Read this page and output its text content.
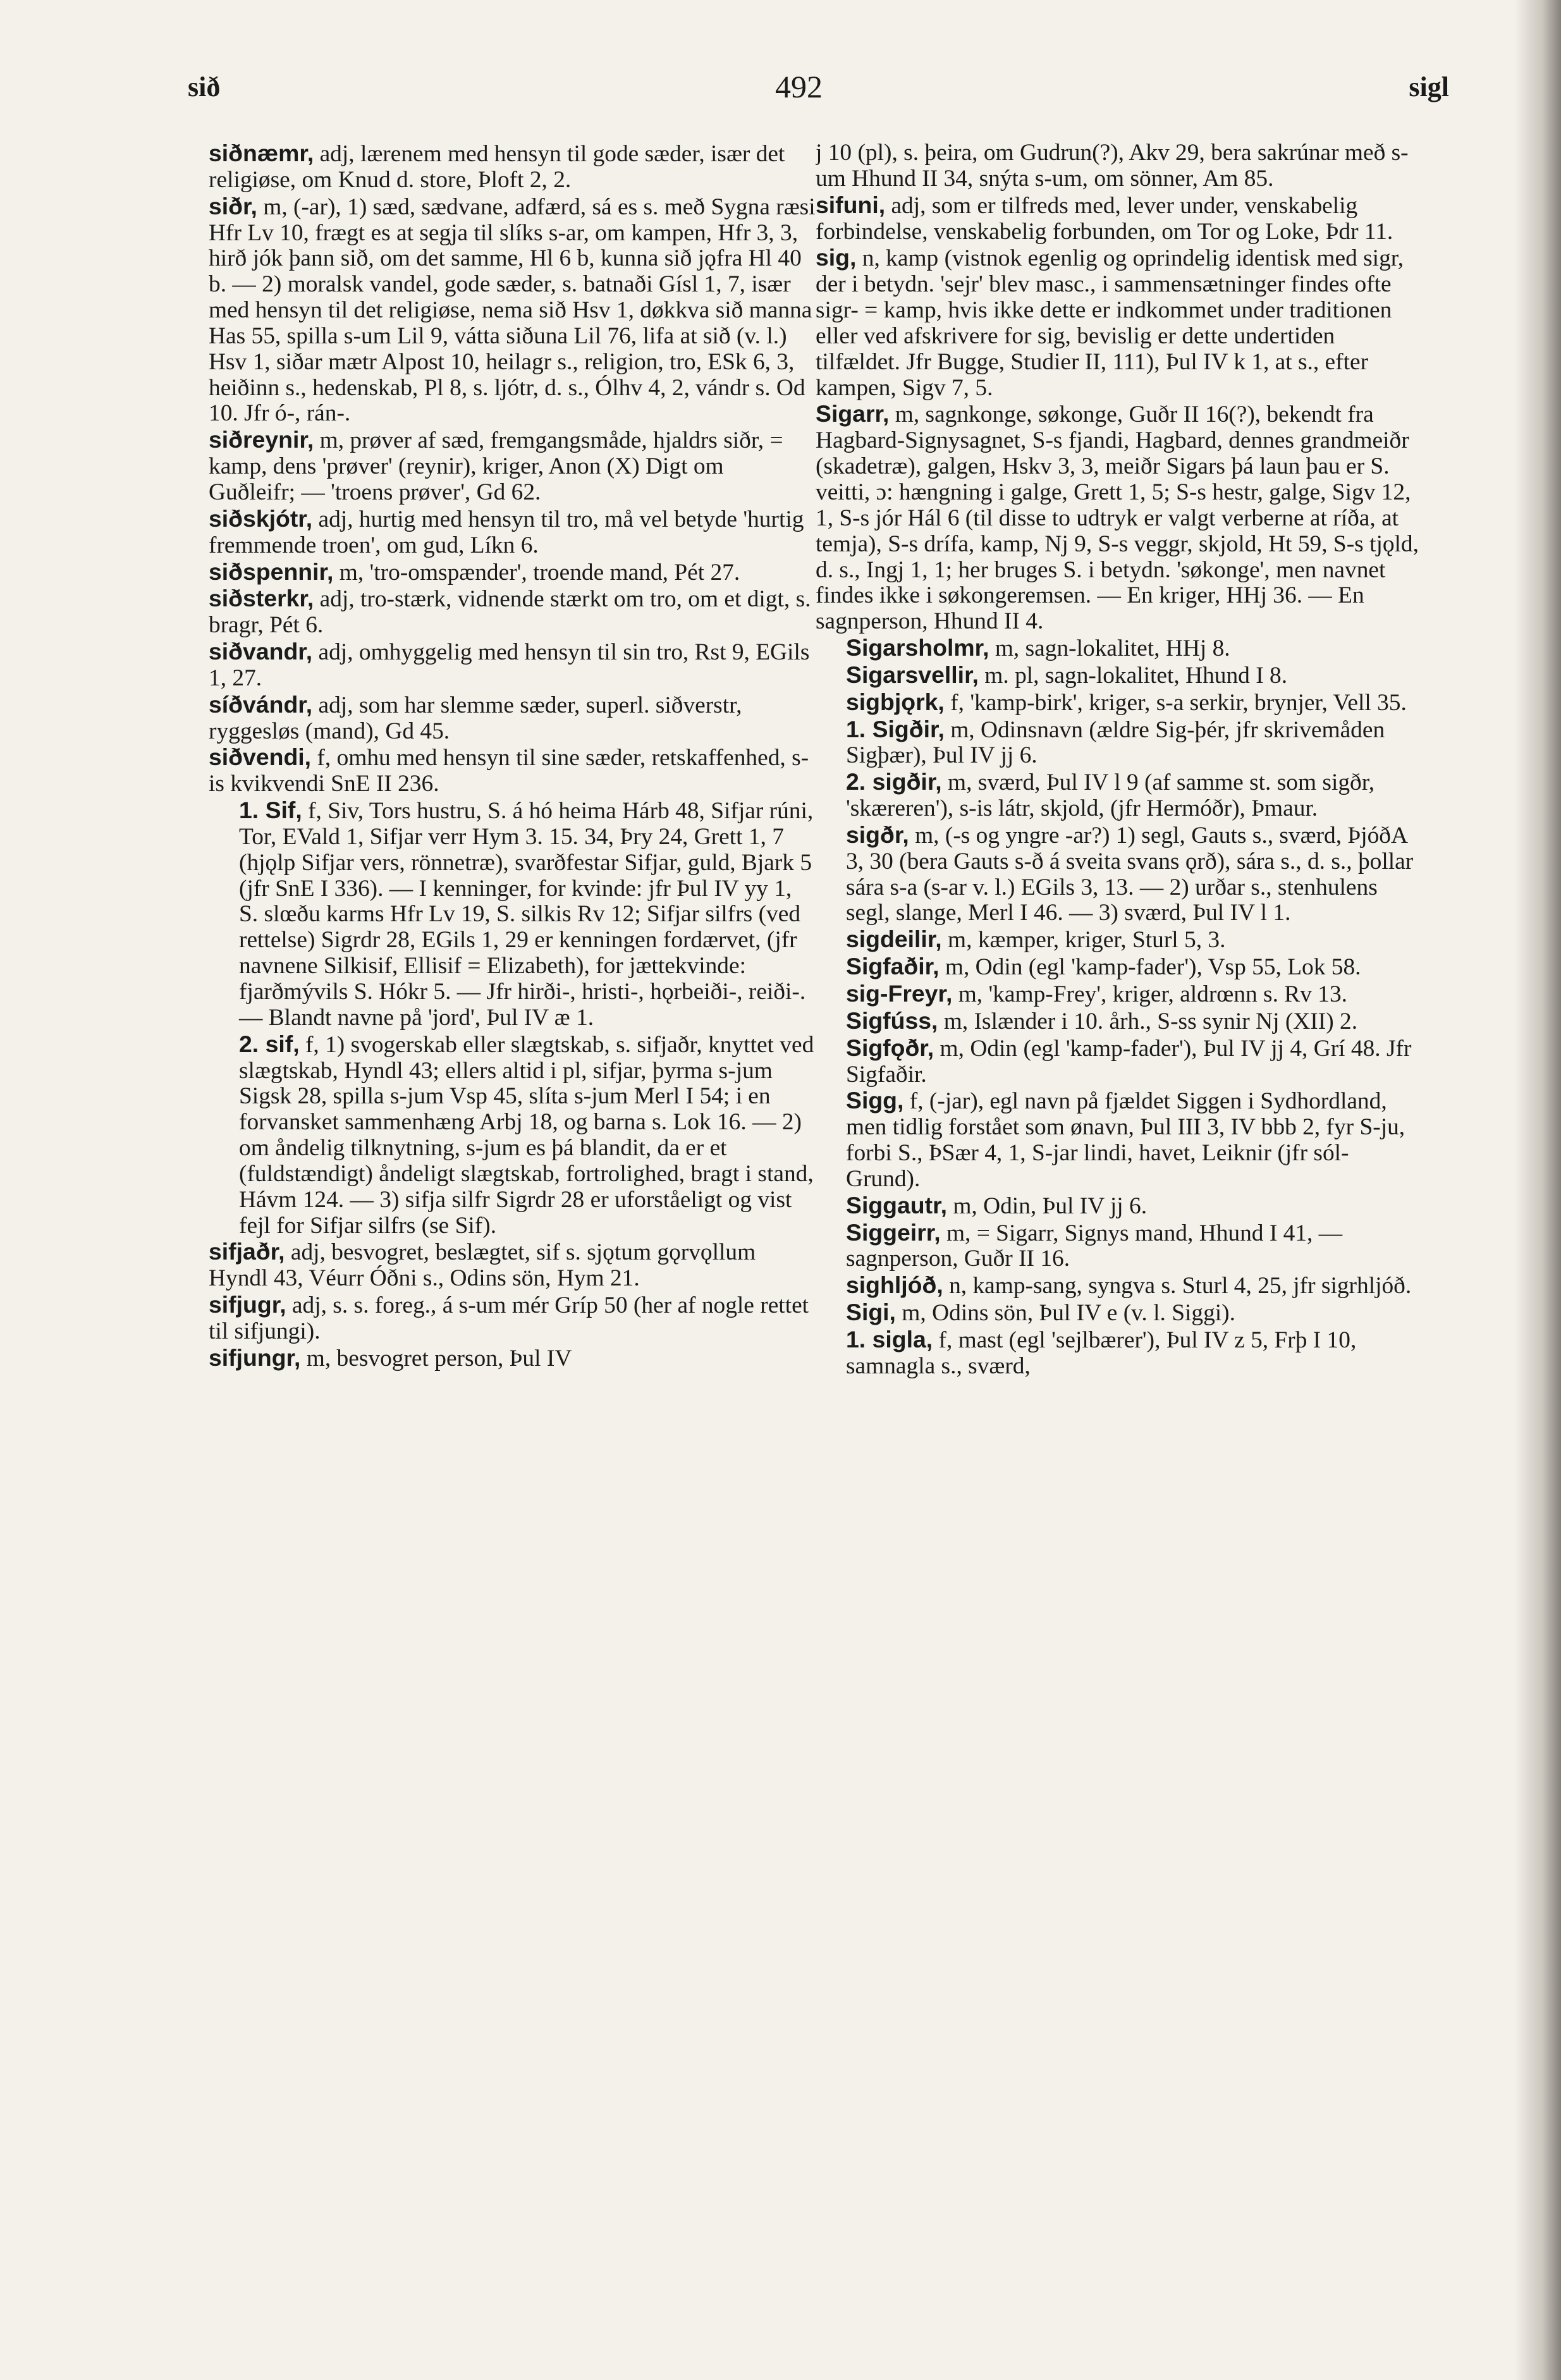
sið	492	sigl

siðnæmr, adj, lærenem med hensyn til gode sæder, især det religiøse, om Knud d. store, Þloft 2, 2.

siðr, m, (-ar), 1) sæd, sædvane, adfærd, sá es s. með Sygna ræsi Hfr Lv 10, frægt es at segja til slíks s-ar, om kampen, Hfr 3, 3, hirð jók þann sið, om det samme, Hl 6 b, kunna sið jǫfra Hl 40 b. — 2) moralsk vandel, gode sæder, s. batnaði Gísl 1, 7, især med hensyn til det religiøse, nema sið Hsv 1, døkkva sið manna Has 55, spilla s-um Lil 9, vátta siðuna Lil 76, lifa at sið (v. l.) Hsv 1, siðar mætr Alpost 10, heilagr s., religion, tro, ESk 6, 3, heiðinn s., hedenskab, Pl 8, s. ljótr, d. s., Ólhv 4, 2, vándr s. Od 10. Jfr ó-, rán-.

siðreynir, m, prøver af sæd, fremgangsmåde, hjaldrs siðr, = kamp, dens 'prøver' (reynir), kriger, Anon (X) Digt om Guðleifr; — 'troens prøver', Gd 62.

siðskjótr, adj, hurtig med hensyn til tro, må vel betyde 'hurtig fremmende troen', om gud, Líkn 6.

siðspennir, m, 'tro-omspænder', troende mand, Pét 27.

siðsterkr, adj, tro-stærk, vidnende stærkt om tro, om et digt, s. bragr, Pét 6.

siðvandr, adj, omhyggelig med hensyn til sin tro, Rst 9, EGils 1, 27.

síðvándr, adj, som har slemme sæder, superl. siðverstr, ryggesløs (mand), Gd 45.

siðvendi, f, omhu med hensyn til sine sæder, retskaffenhed, s-is kvikvendi SnE II 236.

1. Sif, f, Siv, Tors hustru, S. á hó heima Hárb 48, Sifjar rúni, Tor, EVald 1, Sifjar verr Hym 3. 15. 34, Þry 24, Grett 1, 7 (hjǫlp Sifjar vers, rönnetræ), svarðfestar Sifjar, guld, Bjark 5 (jfr SnE I 336). — I kenninger, for kvinde: jfr Þul IV yy 1, S. slœðu karms Hfr Lv 19, S. silkis Rv 12; Sifjar silfrs (ved rettelse) Sigrdr 28, EGils 1, 29 er kenningen fordærvet, (jfr navnene Silkisif, Ellisif = Elizabeth), for jættekvinde: fjarðmývils S. Hókr 5. — Jfr hirði-, hristi-, hǫrbeiði-, reiði-. — Blandt navne på 'jord', Þul IV æ 1.

2. sif, f, 1) svogerskab eller slægtskab, s. sifjaðr, knyttet ved slægtskab, Hyndl 43; ellers altid i pl, sifjar, þyrma s-jum Sigsk 28, spilla s-jum Vsp 45, slíta s-jum Merl I 54; i en forvansket sammenhæng Arbj 18, og barna s. Lok 16. — 2) om åndelig tilknytning, s-jum es þá blandit, da er et (fuldstændigt) åndeligt slægtskab, fortrolighed, bragt i stand, Hávm 124. — 3) sifja silfr Sigrdr 28 er uforståeligt og vist fejl for Sifjar silfrs (se Sif).

sifjaðr, adj, besvogret, beslægtet, sif s. sjǫtum gǫrvǫllum Hyndl 43, Véurr Óðni s., Odins sön, Hym 21.

sifjugr, adj, s. s. foreg., á s-um mér Gríp 50 (her af nogle rettet til sifjungi).

sifjungr, m, besvogret person, Þul IV

j 10 (pl), s. þeira, om Gudrun(?), Akv 29, bera sakrúnar með s-um Hhund II 34, snýta s-um, om sönner, Am 85.

sifuni, adj, som er tilfreds med, lever under, venskabelig forbindelse, venskabelig forbunden, om Tor og Loke, Þdr 11.

sig, n, kamp (vistnok egenlig og oprindelig identisk med sigr, der i betydn. 'sejr' blev masc., i sammensætninger findes ofte sigr- = kamp, hvis ikke dette er indkommet under traditionen eller ved afskrivere for sig, bevislig er dette undertiden tilfældet. Jfr Bugge, Studier II, 111), Þul IV k 1, at s., efter kampen, Sigv 7, 5.

Sigarr, m, sagnkonge, søkonge, Guðr II 16(?), bekendt fra Hagbard-Signysagnet, S-s fjandi, Hagbard, dennes grandmeiðr (skadetræ), galgen, Hskv 3, 3, meiðr Sigars þá laun þau er S. veitti, ɔ: hængning i galge, Grett 1, 5; S-s hestr, galge, Sigv 12, 1, S-s jór Hál 6 (til disse to udtryk er valgt verberne at ríða, at temja), S-s drífa, kamp, Nj 9, S-s veggr, skjold, Ht 59, S-s tjǫld, d. s., Ingj 1, 1; her bruges S. i betydn. 'søkonge', men navnet findes ikke i søkongeremsen. — En kriger, HHj 36. — En sagnperson, Hhund II 4.

Sigarsholmr, m, sagn-lokalitet, HHj 8.

Sigarsvellir, m. pl, sagn-lokalitet, Hhund I 8.

sigbjǫrk, f, 'kamp-birk', kriger, s-a serkir, brynjer, Vell 35.

1. Sigðir, m, Odinsnavn (ældre Sig-þér, jfr skrivemåden Sigþær), Þul IV jj 6.

2. sigðir, m, sværd, Þul IV l 9 (af samme st. som sigðr, 'skæreren'), s-is látr, skjold, (jfr Hermóðr), Þmaur.

sigðr, m, (-s og yngre -ar?) 1) segl, Gauts s., sværd, ÞjóðA 3, 30 (bera Gauts s-ð á sveita svans ǫrð), sára s., d. s., þollar sára s-a (s-ar v. l.) EGils 3, 13. — 2) urðar s., stenhulens segl, slange, Merl I 46. — 3) sværd, Þul IV l 1.

sigdeilir, m, kæmper, kriger, Sturl 5, 3.

Sigfaðir, m, Odin (egl 'kamp-fader'), Vsp 55, Lok 58.

sig-Freyr, m, 'kamp-Frey', kriger, aldrœnn s. Rv 13.

Sigfúss, m, Islænder i 10. årh., S-ss synir Nj (XII) 2.

Sigfǫðr, m, Odin (egl 'kamp-fader'), Þul IV jj 4, Grí 48. Jfr Sigfaðir.

Sigg, f, (-jar), egl navn på fjældet Siggen i Sydhordland, men tidlig forstået som ønavn, Þul III 3, IV bbb 2, fyr S-ju, forbi S., ÞSær 4, 1, S-jar lindi, havet, Leiknir (jfr sól-Grund).

Siggautr, m, Odin, Þul IV jj 6.

Siggeirr, m, = Sigarr, Signys mand, Hhund I 41, — sagnperson, Guðr II 16.

sighljóð, n, kamp-sang, syngva s. Sturl 4, 25, jfr sigrhljóð.

Sigi, m, Odins sön, Þul IV e (v. l. Siggi).

1. sigla, f, mast (egl 'sejlbærer'), Þul IV z 5, Frþ I 10, samnagla s., sværd,
